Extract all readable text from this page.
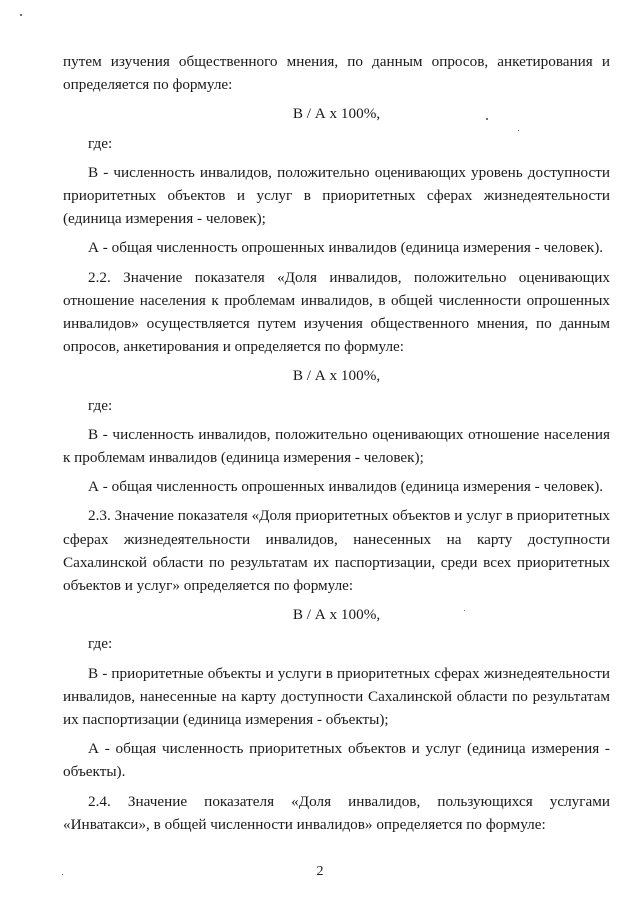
путем изучения общественного мнения, по данным опросов, анкетирования и определяется по формуле:

В / А х 100%,

где:

В - численность инвалидов, положительно оценивающих уровень доступности приоритетных объектов и услуг в приоритетных сферах жизнедеятельности (единица измерения - человек);

А - общая численность опрошенных инвалидов (единица измерения - человек).

2.2. Значение показателя «Доля инвалидов, положительно оценивающих отношение населения к проблемам инвалидов, в общей численности опрошенных инвалидов» осуществляется путем изучения общественного мнения, по данным опросов, анкетирования и определяется по формуле:

В / А х 100%,

где:

В - численность инвалидов, положительно оценивающих отношение населения к проблемам инвалидов (единица измерения - человек);

А - общая численность опрошенных инвалидов (единица измерения - человек).

2.3. Значение показателя «Доля приоритетных объектов и услуг в приоритетных сферах жизнедеятельности инвалидов, нанесенных на карту доступности Сахалинской области по результатам их паспортизации, среди всех приоритетных объектов и услуг» определяется по формуле:

В / А х 100%,

где:

В - приоритетные объекты и услуги в приоритетных сферах жизнедеятельности инвалидов, нанесенные на карту доступности Сахалинской области по результатам их паспортизации (единица измерения - объекты);

А - общая численность приоритетных объектов и услуг (единица измерения - объекты).

2.4. Значение показателя «Доля инвалидов, пользующихся услугами «Инватакси», в общей численности инвалидов» определяется по формуле:

2
